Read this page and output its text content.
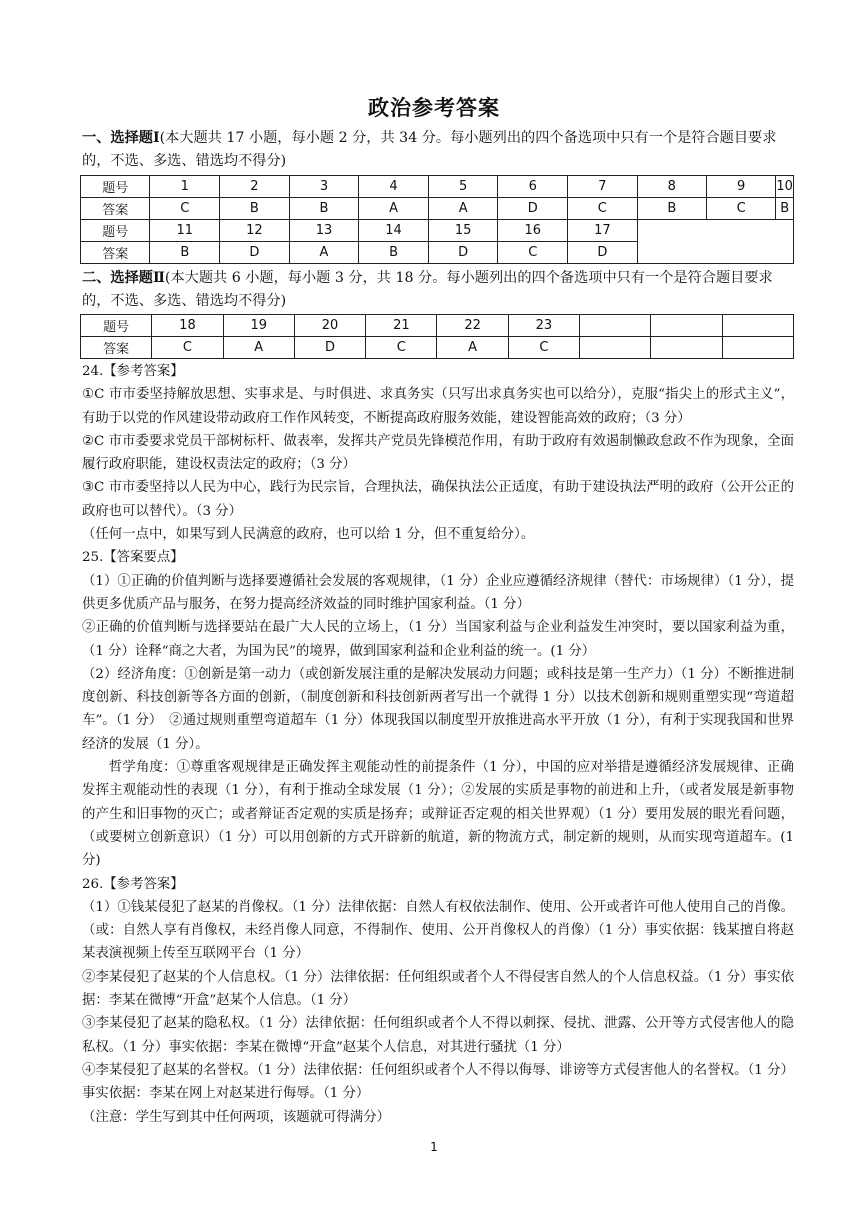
政治参考答案

一、选择题Ⅰ(本大题共 17 小题，每小题 2 分，共 34 分。每小题列出的四个备选项中只有一个是符合题目要求的，不选、多选、错选均不得分)

题号	1	2	3	4	5	6	7	8	9	10
答案	C	B	B	A	A	D	C	B	C	B
题号	11	12	13	14	15	16	17			
答案	B	D	A	B	D	C	D			

二、选择题Ⅱ(本大题共 6 小题，每小题 3 分，共 18 分。每小题列出的四个备选项中只有一个是符合题目要求的，不选、多选、错选均不得分)

题号	18	19	20	21	22	23			
答案	C	A	D	C	A	C			

24.【参考答案】

①C 市市委坚持解放思想、实事求是、与时俱进、求真务实（只写出求真务实也可以给分），克服“指尖上的形式主义”，有助于以党的作风建设带动政府工作作风转变，不断提高政府服务效能，建设智能高效的政府；（3 分）

②C 市市委要求党员干部树标杆、做表率，发挥共产党员先锋模范作用，有助于政府有效遏制懒政怠政不作为现象，全面履行政府职能，建设权责法定的政府；（3 分）

③C 市市委坚持以人民为中心，践行为民宗旨，合理执法，确保执法公正适度，有助于建设执法严明的政府（公开公正的政府也可以替代）。（3 分）

（任何一点中，如果写到人民满意的政府，也可以给 1 分，但不重复给分）。

25.【答案要点】

（1）①正确的价值判断与选择要遵循社会发展的客观规律，（1 分）企业应遵循经济规律（替代：市场规律）（1 分），提供更多优质产品与服务，在努力提高经济效益的同时维护国家利益。（1 分）

②正确的价值判断与选择要站在最广大人民的立场上，（1 分）当国家利益与企业利益发生冲突时，要以国家利益为重，（1 分）诠释“商之大者，为国为民”的境界，做到国家利益和企业利益的统一。(1 分）

（2）经济角度：①创新是第一动力（或创新发展注重的是解决发展动力问题；或科技是第一生产力）（1 分）不断推进制度创新、科技创新等各方面的创新，（制度创新和科技创新两者写出一个就得 1 分）以技术创新和规则重塑实现“弯道超车”。（1 分）　②通过规则重塑弯道超车（1 分）体现我国以制度型开放推进高水平开放（1 分），有利于实现我国和世界经济的发展（1 分）。

哲学角度：①尊重客观规律是正确发挥主观能动性的前提条件（1 分），中国的应对举措是遵循经济发展规律、正确发挥主观能动性的表现（1 分），有利于推动全球发展（1 分）；②发展的实质是事物的前进和上升，（或者发展是新事物的产生和旧事物的灭亡；或者辩证否定观的实质是扬弃；或辩证否定观的相关世界观）（1 分）要用发展的眼光看问题，（或要树立创新意识）（1 分）可以用创新的方式开辟新的航道，新的物流方式，制定新的规则，从而实现弯道超车。(1 分)

26.【参考答案】

（1）①钱某侵犯了赵某的肖像权。（1 分）法律依据：自然人有权依法制作、使用、公开或者许可他人使用自己的肖像。（或：自然人享有肖像权，未经肖像人同意，不得制作、使用、公开肖像权人的肖像）（1 分）事实依据：钱某擅自将赵某表演视频上传至互联网平台（1 分）

②李某侵犯了赵某的个人信息权。（1 分）法律依据：任何组织或者个人不得侵害自然人的个人信息权益。（1 分）事实依据：李某在微博“开盒”赵某个人信息。（1 分）

③李某侵犯了赵某的隐私权。（1 分）法律依据：任何组织或者个人不得以刺探、侵扰、泄露、公开等方式侵害他人的隐私权。（1 分）事实依据：李某在微博“开盒”赵某个人信息，对其进行骚扰（1 分）

④李某侵犯了赵某的名誉权。（1 分）法律依据：任何组织或者个人不得以侮辱、诽谤等方式侵害他人的名誉权。（1 分）事实依据：李某在网上对赵某进行侮辱。（1 分）

（注意：学生写到其中任何两项，该题就可得满分）

1
